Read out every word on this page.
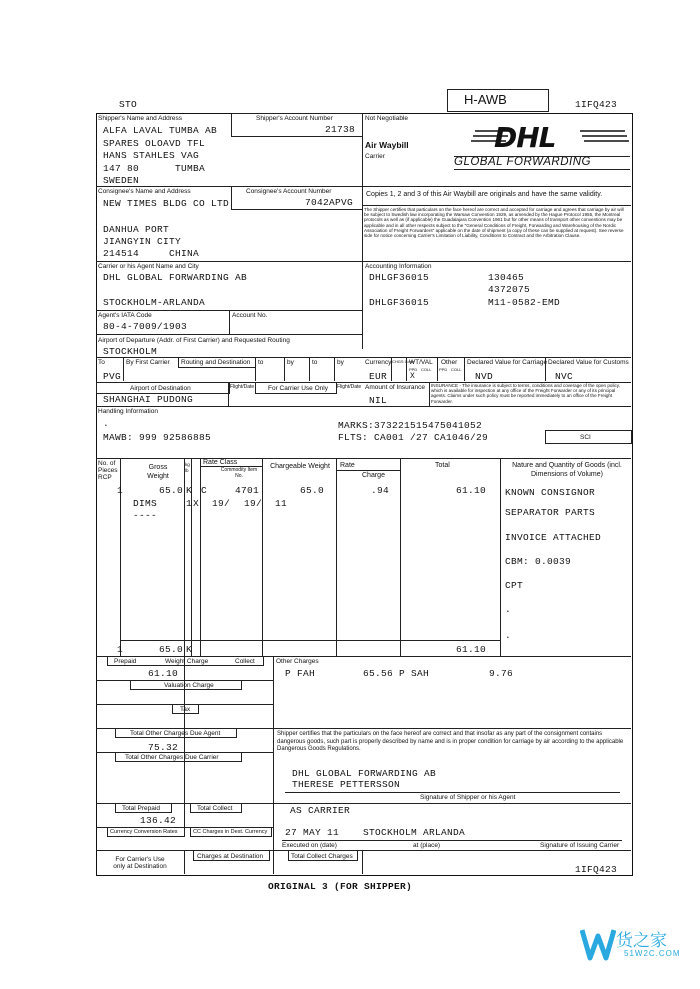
STO	H-AWB	1IFQ423
Shipper's Name and Address	Shipper's Account Number
21738
ALFA LAVAL TUMBA AB
SPARES OLOAVD TFL
HANS STAHLES VAG
147 80      TUMBA
SWEDEN
Not Negotiable
Air Waybill
Carrier
DHL
GLOBAL FORWARDING
Consignee's Name and Address	Consignee's Account Number
7042APVG
NEW TIMES BLDG CO LTD
DANHUA PORT
JIANGYIN CITY
214514     CHINA
Copies 1, 2 and 3 of this Air Waybill are originals and have the same validity.
The Shipper certifies that particulars on the face hereof are correct and accepted for carriage and agrees that carriage by air will be subject to Swedish law incorporating the Warsaw Convention 1929, as amended by the Hague Protocol 1955, the Montreal protocols as well as (if applicable) the Guadalajara Convention 1961 but for other means of transport other conventions may be applicable and in all other respects subject to the "General Conditions of Freight, Forwarding and Warehousing of the Nordic Association of Freight Forwarders" applicable on the date of shipment (a copy of these can be supplied at request). See reverse side for notice concerning Carrier's Limitation of Liability, Conditions to Contract and the Arbitration Clause.
Carrier or his Agent Name and City
DHL GLOBAL FORWARDING AB
STOCKHOLM-ARLANDA
Accounting Information
DHLGF36015	130465
4372075
DHLGF36015	M11-0582-EMD
Agent's IATA Code	Account No.
80-4-7009/1903
Airport of Departure (Addr. of First Carrier) and Requested Routing
STOCKHOLM
To
PVG
By First Carrier Routing and Destination to	by	to	by	Currency
EUR
CHGS Code
WT/VAL
PPD COLL
X
Other
PPD COLL
Declared Value for Carriage
NVD
Declared Value for Customs
NVC
Airport of Destination
SHANGHAI PUDONG
Flight/Date For Carrier Use Only Flight/Date Amount of Insurance
NIL
INSURANCE - The insurance is subject to terms, conditions and coverage of the open policy, which is available for inspection at any office of the Freight Forwarder or any of its principal agents. Claims under such policy must be reported immediately to an office of the Freight Forwarder.
Handling Information
.	MARKS:373221515475041052
MAWB: 999 92586885	FLTS: CA001 /27 CA1046/29	SCI
No. of Pieces RCP
Gross Weight
kg lb
Rate Class
Commodity Item No.
Chargeable Weight Rate
Charge
Total	Nature and Quantity of Goods (incl. Dimensions of Volume)
1	65.0 K C	4701	65.0	.94	61.10
DIMS	1 X 19/ 19/ 11
----
KNOWN CONSIGNOR
SEPARATOR PARTS
INVOICE ATTACHED
CBM: 0.0039
CPT
.
.
1	65.0 K	61.10
Prepaid	Weight Charge	Collect
61.10
Valuation Charge
Tax
Other Charges
P FAH        65.56 P SAH          9.76
Total Other Charges Due Agent
75.32
Total Other Charges Due Carrier
Shipper certifies that the particulars on the face hereof are correct and that insofar as any part of the consignment contains dangerous goods, such part is properly described by name and is in proper condition for carriage by air according to the applicable Dangerous Goods Regulations.
DHL GLOBAL FORWARDING AB
THERESE PETTERSSON
Signature of Shipper or his Agent
Total Prepaid	Total Collect
136.42
Currency Conversion Rates	CC Charges in Dest. Currency
AS CARRIER
27 MAY 11    STOCKHOLM ARLANDA
Executed on (date)	at (place)	Signature of Issuing Carrier
For Carrier's Use only at Destination
Charges at Destination	Total Collect Charges
1IFQ423
ORIGINAL 3 (FOR SHIPPER)
货之家
51W2C.COM
